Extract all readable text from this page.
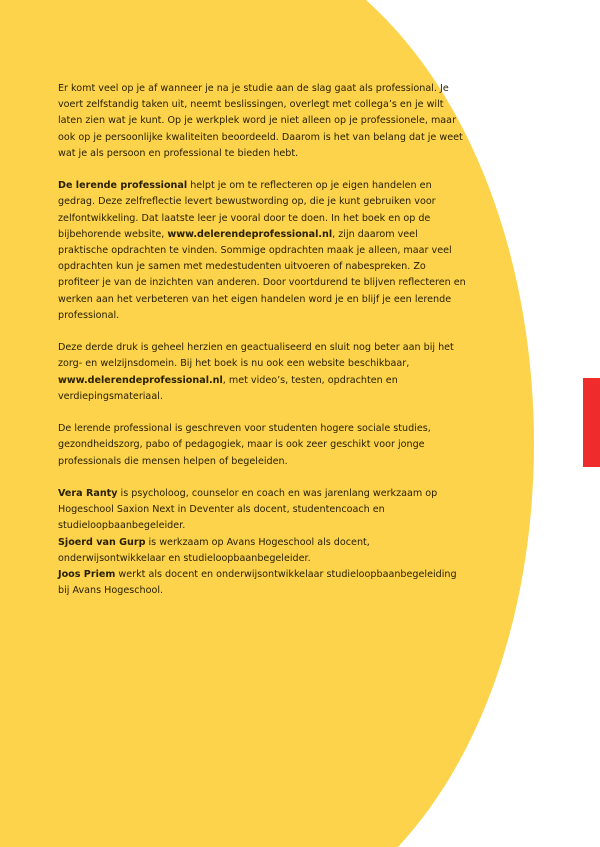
Er komt veel op je af wanneer je na je studie aan de slag gaat als professional. Je voert zelfstandig taken uit, neemt beslissingen, overlegt met collega’s en je wilt laten zien wat je kunt. Op je werkplek word je niet alleen op je professionele, maar ook op je persoonlijke kwaliteiten beoordeeld. Daarom is het van belang dat je weet wat je als persoon en professional te bieden hebt.

De lerende professional helpt je om te reflecteren op je eigen handelen en gedrag. Deze zelfreflectie levert bewustwording op, die je kunt gebruiken voor zelfontwikkeling. Dat laatste leer je vooral door te doen. In het boek en op de bijbehorende website, www.delerendeprofessional.nl, zijn daarom veel praktische opdrachten te vinden. Sommige opdrachten maak je alleen, maar veel opdrachten kun je samen met medestudenten uitvoeren of nabespreken. Zo profiteer je van de inzichten van anderen. Door voortdurend te blijven reflecteren en werken aan het verbeteren van het eigen handelen word je en blijf je een lerende professional.

Deze derde druk is geheel herzien en geactualiseerd en sluit nog beter aan bij het zorg- en welzijnsdomein. Bij het boek is nu ook een website beschikbaar, www.delerendeprofessional.nl, met video’s, testen, opdrachten en verdiepingsmateriaal.

De lerende professional is geschreven voor studenten hogere sociale studies, gezondheidszorg, pabo of pedagogiek, maar is ook zeer geschikt voor jonge professionals die mensen helpen of begeleiden.

Vera Ranty is psycholoog, counselor en coach en was jarenlang werkzaam op Hogeschool Saxion Next in Deventer als docent, studentencoach en studieloopbaanbegeleider.

Sjoerd van Gurp is werkzaam op Avans Hogeschool als docent, onderwijsontwikkelaar en studieloopbaanbegeleider.

Joos Priem werkt als docent en onderwijsontwikkelaar studieloopbaanbegeleiding bij Avans Hogeschool.
